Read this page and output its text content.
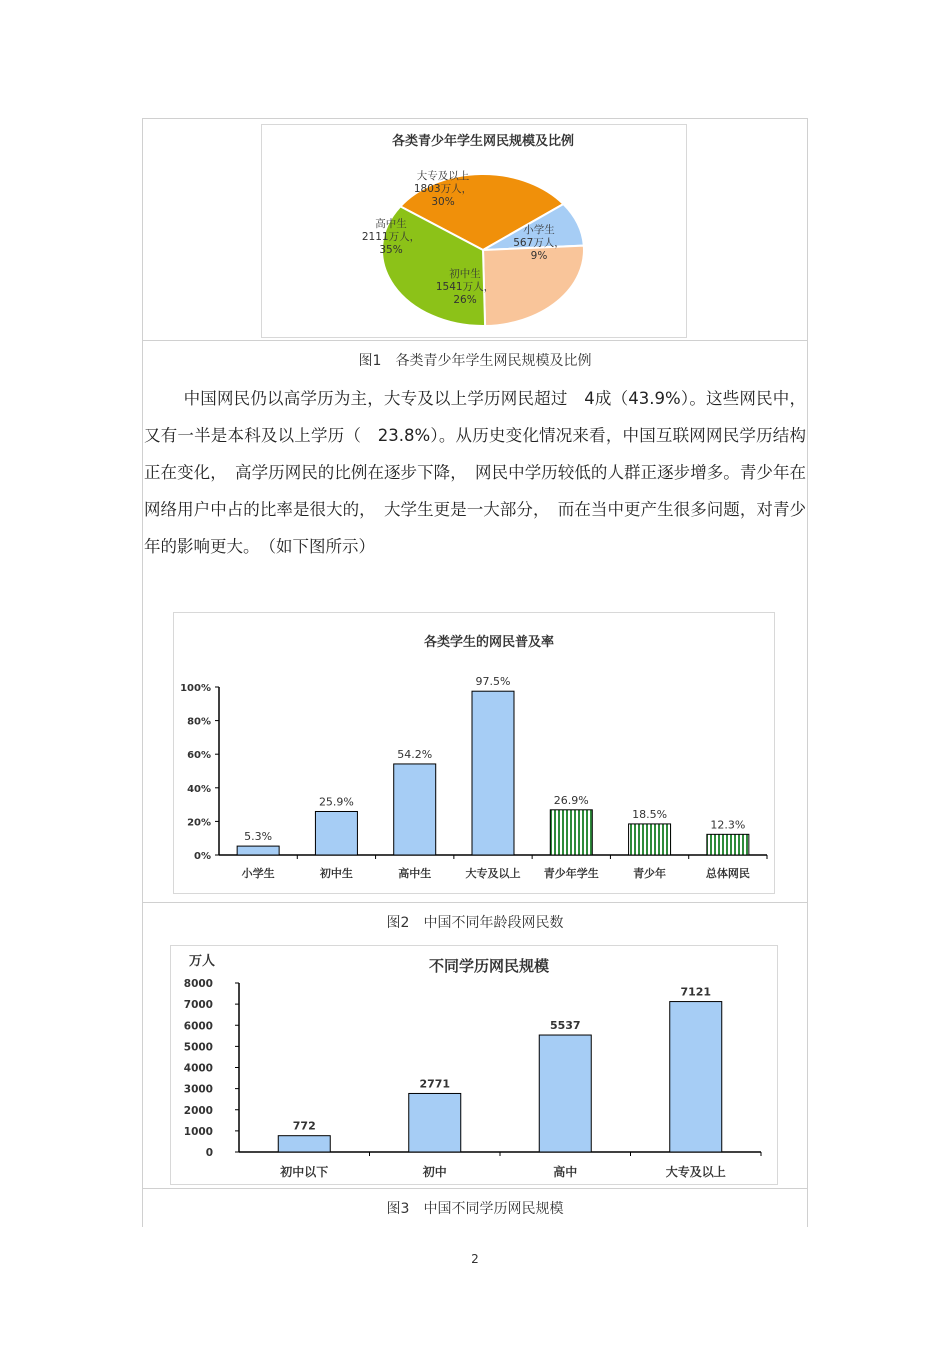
各类青少年学生网民规模及比例
大专及以上
1803万人，
30%
小学生
567万人，
9%
初中生
1541万人，
26%
高中生
2111万人，
35%
图1　各类青少年学生网民规模及比例

中国网民仍以高学历为主，大专及以上学历网民超过　4成（43.9%）。这些网民中，又有一半是本科及以上学历（　23.8%）。从历史变化情况来看，中国互联网网民学历结构正在变化，　高学历网民的比例在逐步下降，　网民中学历较低的人群正逐步增多。青少年在网络用户中占的比率是很大的，　大学生更是一大部分，　而在当中更产生很多问题，对青少年的影响更大。　（如下图所示）

各类学生的网民普及率
0%
20%
40%
60%
80%
100%
5.3%
小学生
25.9%
初中生
54.2%
高中生
97.5%
大专及以上
26.9%
青少年学生
18.5%
青少年
12.3%
总体网民
图2　中国不同年龄段网民数
万人	不同学历网民规模
0
1000
2000
3000
4000
5000
6000
7000
8000
772
初中以下
2771
初中
5537
高中
7121
大专及以上
图3　中国不同学历网民规模
2
